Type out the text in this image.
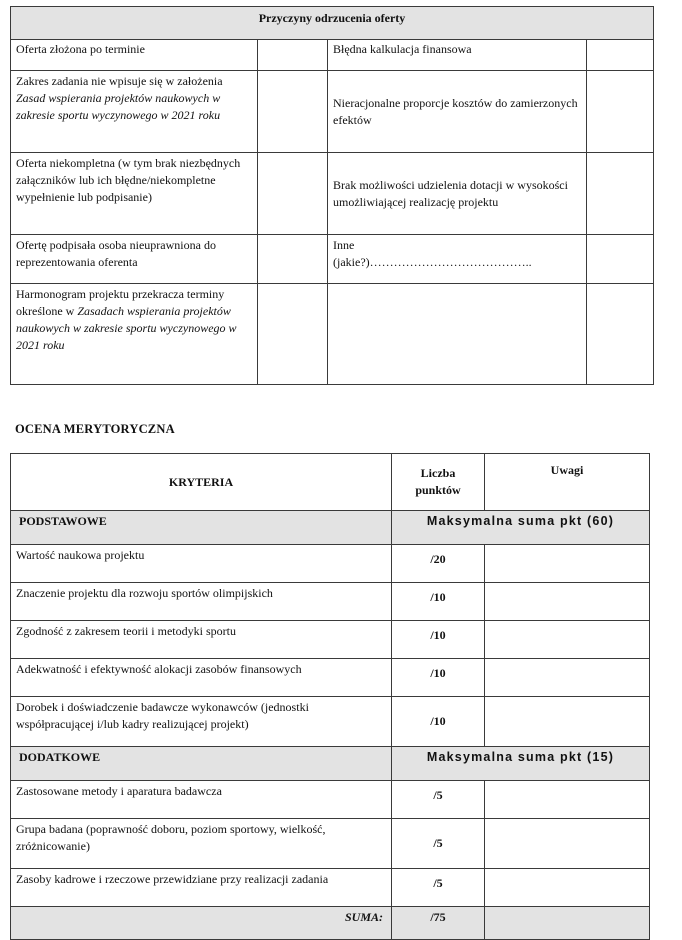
Przyczyny odrzucenia oferty			
Oferta złożona po terminie		Błędna kalkulacja finansowa	
Zakres zadania nie wpisuje się w założenia Zasad wspierania projektów naukowych w zakresie sportu wyczynowego w 2021 roku		Nieracjonalne proporcje kosztów do zamierzonych efektów	
Oferta niekompletna (w tym brak niezbędnych załączników lub ich błędne/niekompletne wypełnienie lub podpisanie)		Brak możliwości udzielenia dotacji w wysokości umożliwiającej realizację projektu	
Ofertę podpisała osoba nieuprawniona do reprezentowania oferenta		Inne
(jakie?)…………………………………..	

Harmonogram projektu przekracza terminy określone w Zasadach wspierania projektów naukowych w zakresie sportu wyczynowego w 2021 roku			
OCENA MERYTORYCZNA
KRYTERIA	Liczba punktów	Uwagi
PODSTAWOWE	Maksymalna suma pkt (60)	
Wartość naukowa projektu	/20	
Znaczenie projektu dla rozwoju sportów olimpijskich	/10	
Zgodność z zakresem teorii i metodyki sportu	/10	
Adekwatność i efektywność alokacji zasobów finansowych	/10	
Dorobek i doświadczenie badawcze wykonawców (jednostki współpracującej i/lub kadry realizującej projekt)	/10	
DODATKOWE	Maksymalna suma pkt (15)	
Zastosowane metody i aparatura badawcza	/5	
Grupa badana (poprawność doboru, poziom sportowy, wielkość, zróżnicowanie)	/5	
Zasoby kadrowe i rzeczowe przewidziane przy realizacji zadania	/5	
SUMA:	/75	
